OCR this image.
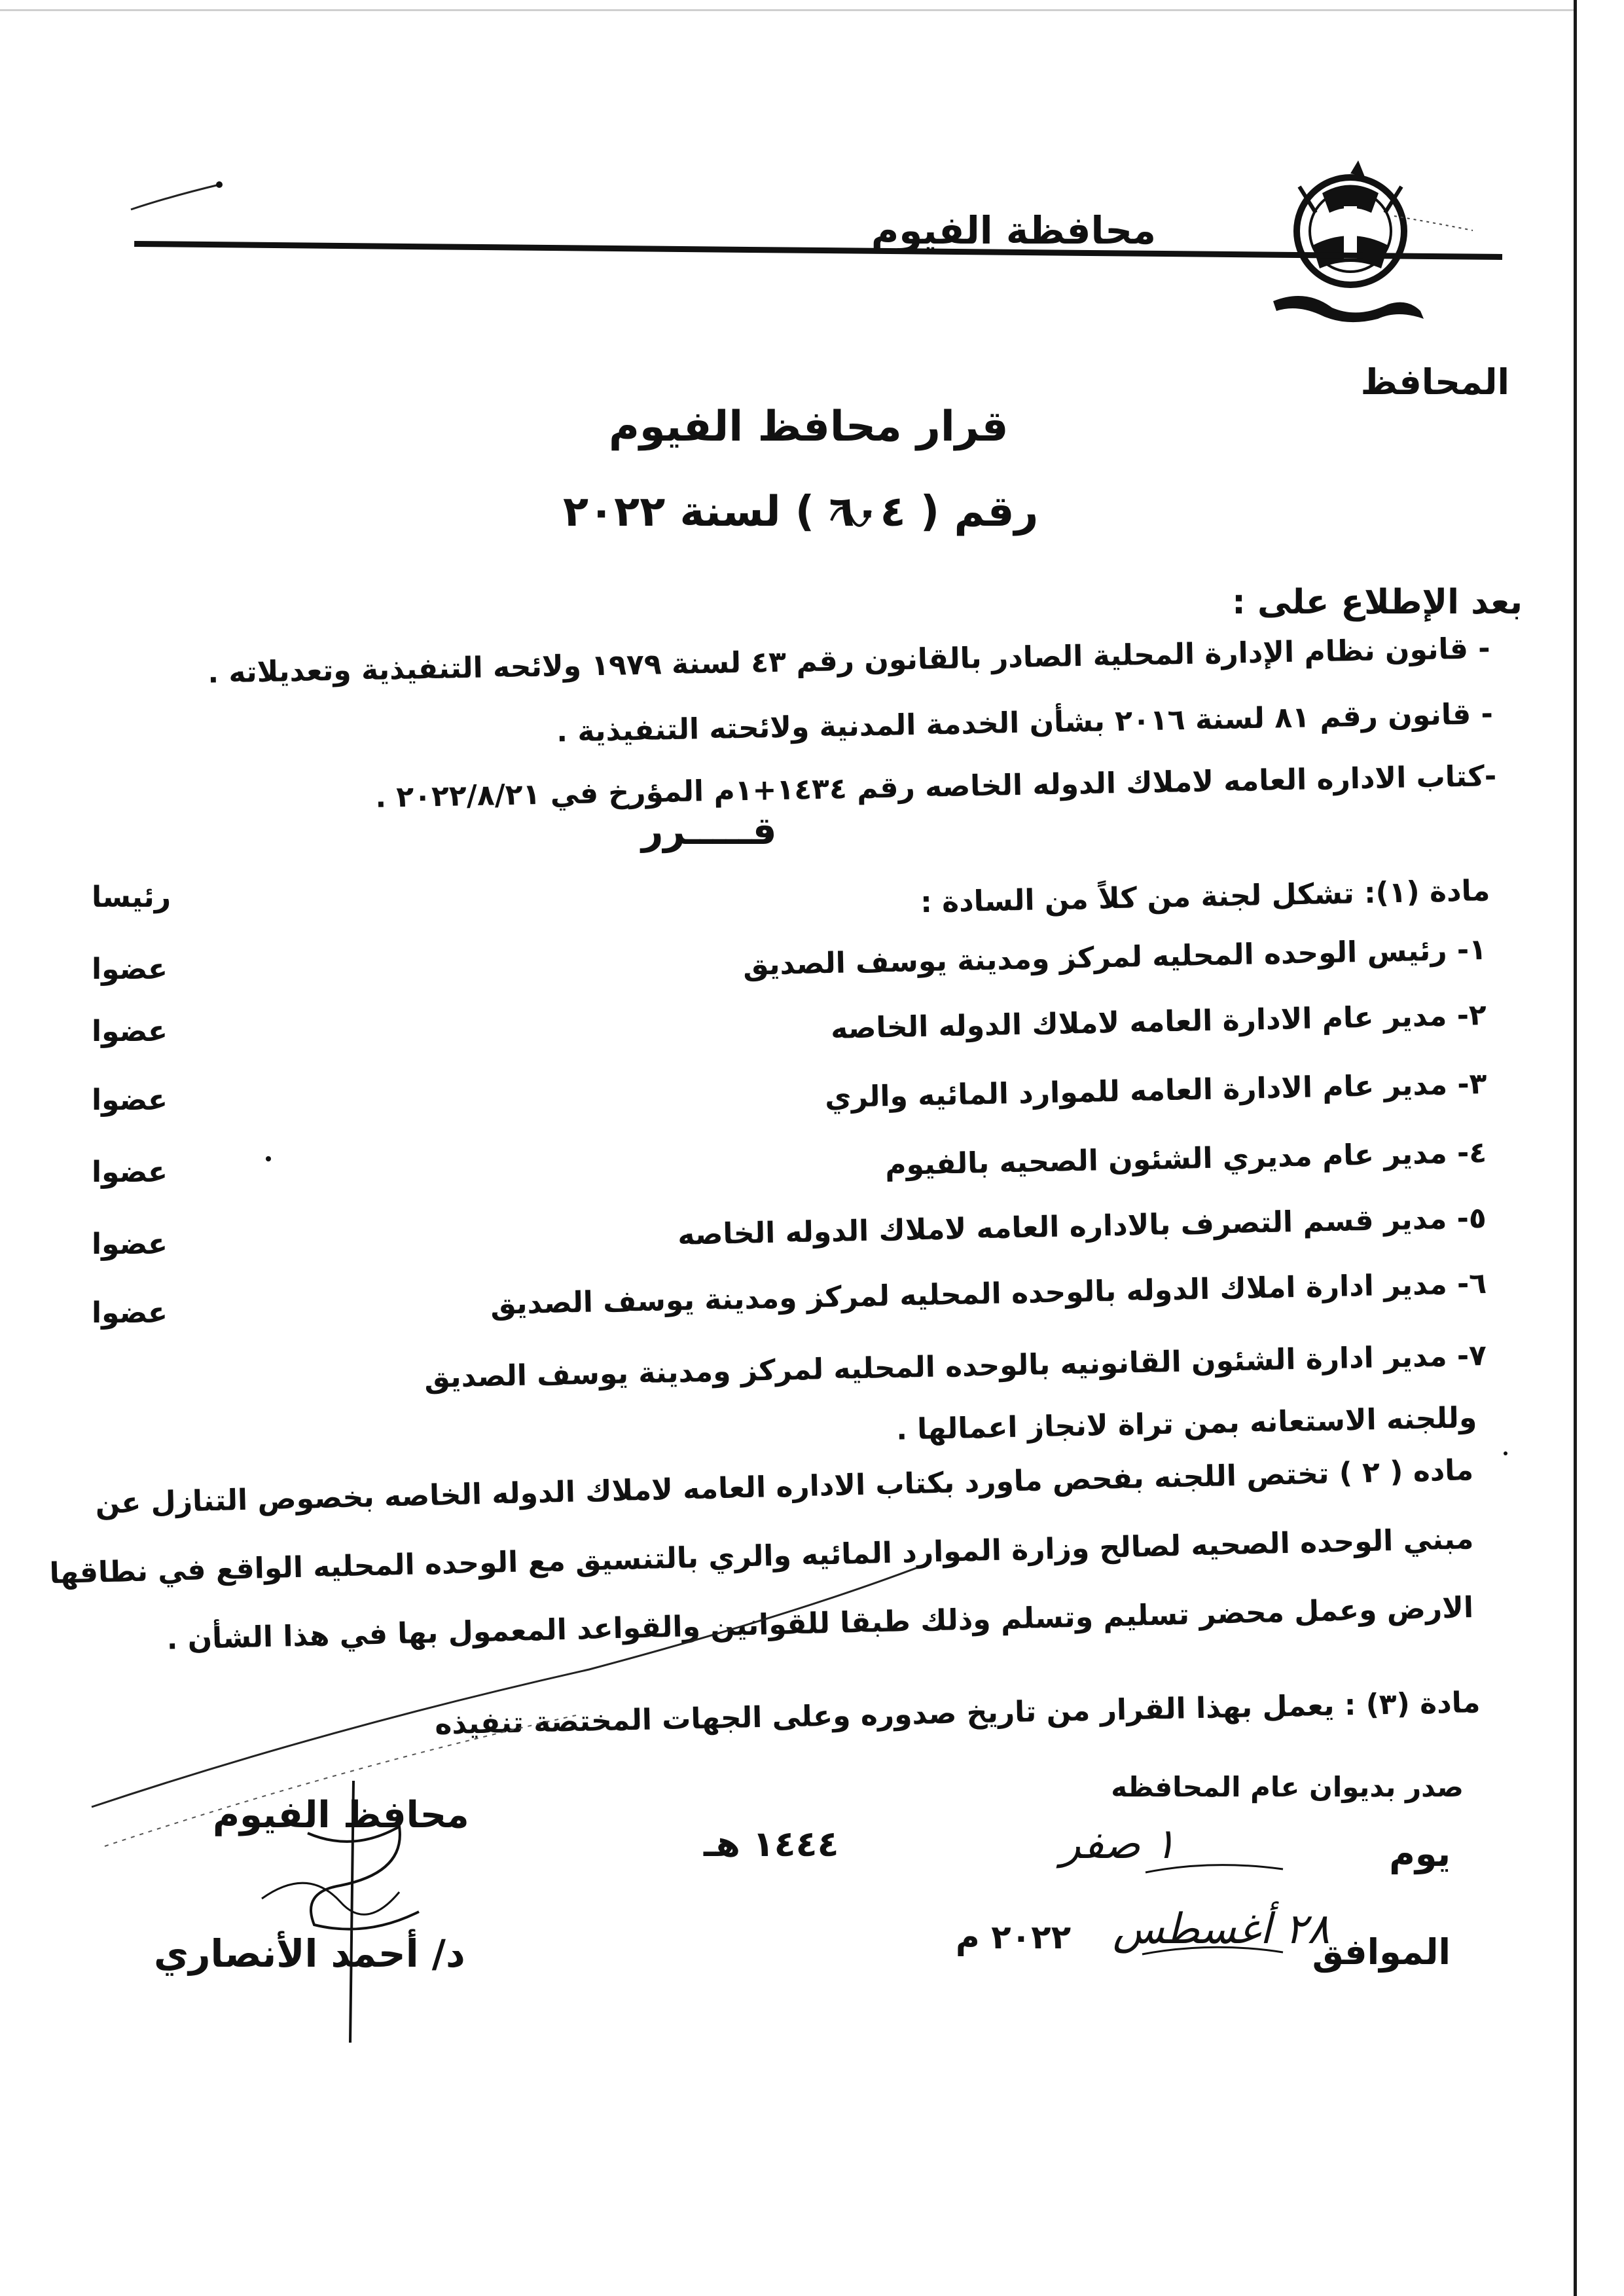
محافظة الفيوم
المحافظ
قرار محافظ الفيوم
رقم ( ٦٠٤ ) لسنة ٢٠٢٢
بعد الإطلاع على :
- قانون نظام الإدارة المحلية الصادر بالقانون رقم ٤٣ لسنة ١٩٧٩ ولائحه التنفيذية وتعديلاته .
- قانون رقم ٨١ لسنة ٢٠١٦ بشأن الخدمة المدنية ولائحته التنفيذية .
-كتاب الاداره العامه لاملاك الدوله الخاصه رقم ١٤٣٤+١م المؤرخ في ٢٠٢٢/٨/٢١ .
قـــــرر
مادة (١): تشكل لجنة من كلاً من السادة :
١- رئيس الوحده المحليه لمركز ومدينة يوسف الصديق
٢- مدير عام الادارة العامه لاملاك الدوله الخاصه
٣- مدير عام الادارة العامه للموارد المائيه والري
٤- مدير عام مديري الشئون الصحيه بالفيوم
٥- مدير قسم التصرف بالاداره العامه لاملاك الدوله الخاصه
٦- مدير ادارة املاك الدوله بالوحده المحليه لمركز ومدينة يوسف الصديق
٧- مدير ادارة الشئون القانونيه بالوحده المحليه لمركز ومدينة يوسف الصديق
رئيسا
عضوا
عضوا
عضوا
عضوا
عضوا
عضوا
وللجنه الاستعانه بمن تراة لانجاز اعمالها .
ماده ( ٢ ) تختص اللجنه بفحص ماورد بكتاب الاداره العامه لاملاك الدوله الخاصه بخصوص التنازل عن
مبني الوحده الصحيه لصالح وزارة الموارد المائيه والري بالتنسيق مع الوحده المحليه الواقع في نطاقها
الارض وعمل محضر تسليم وتسلم وذلك طبقا للقوانين والقواعد المعمول بها في هذا الشأن .
مادة (٣) : يعمل بهذا القرار من تاريخ صدوره وعلى الجهات المختصة تنفيذه
صدر بديوان عام المحافظه
يوم
١ صفر
١٤٤٤ هـ
الموافق
٢٨ أغسطس
٢٠٢٢ م
محافظ الفيوم
د/ أحمد الأنصاري
